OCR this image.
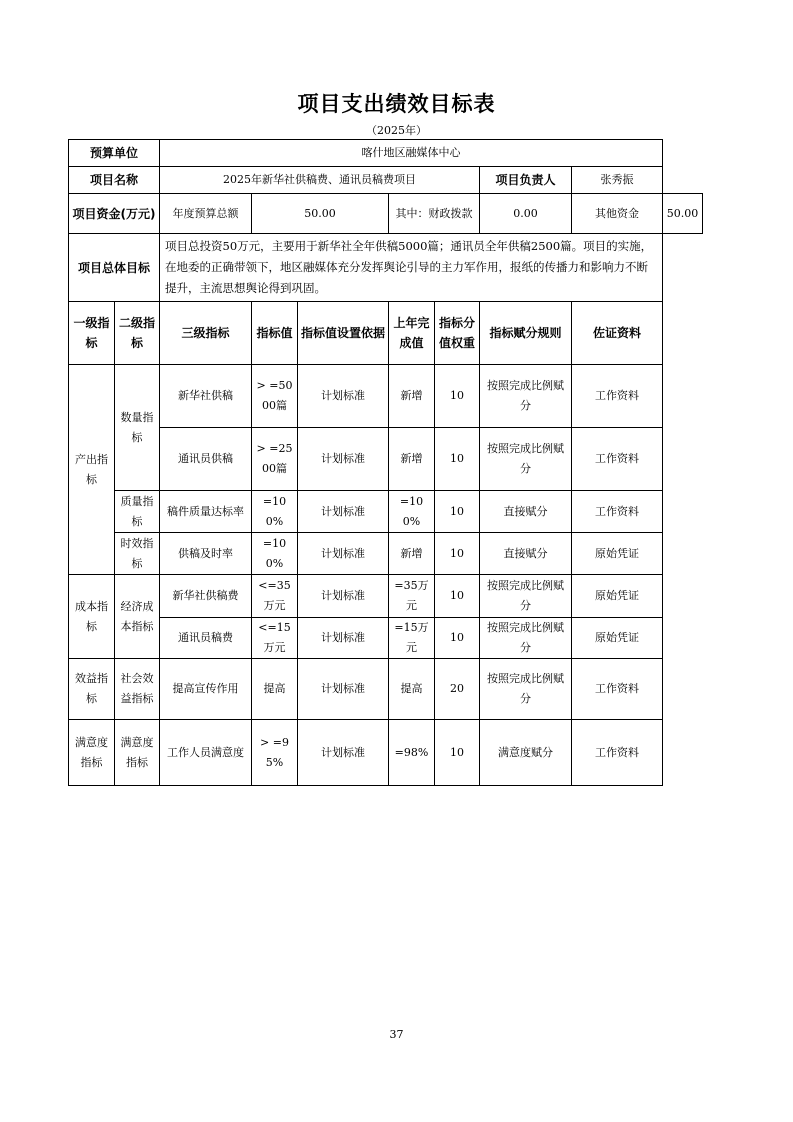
项目支出绩效目标表
（2025年）
预算单位		喀什地区融媒体中心							
项目名称		2025年新华社供稿费、通讯员稿费项目					项目负责人	张秀振	
项目资金(万元)		年度预算总额	50.00		其中：财政拨款		0.00	其他资金	50.00
项目总体目标		项目总投资50万元，主要用于新华社全年供稿5000篇；通讯员全年供稿2500篇。项目的实施，在地委的正确带领下，地区融媒体充分发挥舆论引导的主力军作用，报纸的传播力和影响力不断提升，主流思想舆论得到巩固。							
一级指标	二级指标	三级指标	指标值	指标值设置依据	上年完成值	指标分值权重	指标赋分规则	佐证资料	
产出指标	数量指标	新华社供稿	> =5000篇	计划标准	新增	10	按照完成比例赋分	工作资料	
		通讯员供稿	> =2500篇	计划标准	新增	10	按照完成比例赋分	工作资料	
	质量指标	稿件质量达标率	=100%	计划标准	=100%	10	直接赋分	工作资料	
	时效指标	供稿及时率	=100%	计划标准	新增	10	直接赋分	原始凭证	
成本指标	经济成本指标	新华社供稿费	<=35万元	计划标准	=35万元	10	按照完成比例赋分	原始凭证	
		通讯员稿费	<=15万元	计划标准	=15万元	10	按照完成比例赋分	原始凭证	
效益指标	社会效益指标	提高宣传作用	提高	计划标准	提高	20	按照完成比例赋分	工作资料	
满意度指标	满意度指标	工作人员满意度	> =95%	计划标准	=98%	10	满意度赋分	工作资料	
37
